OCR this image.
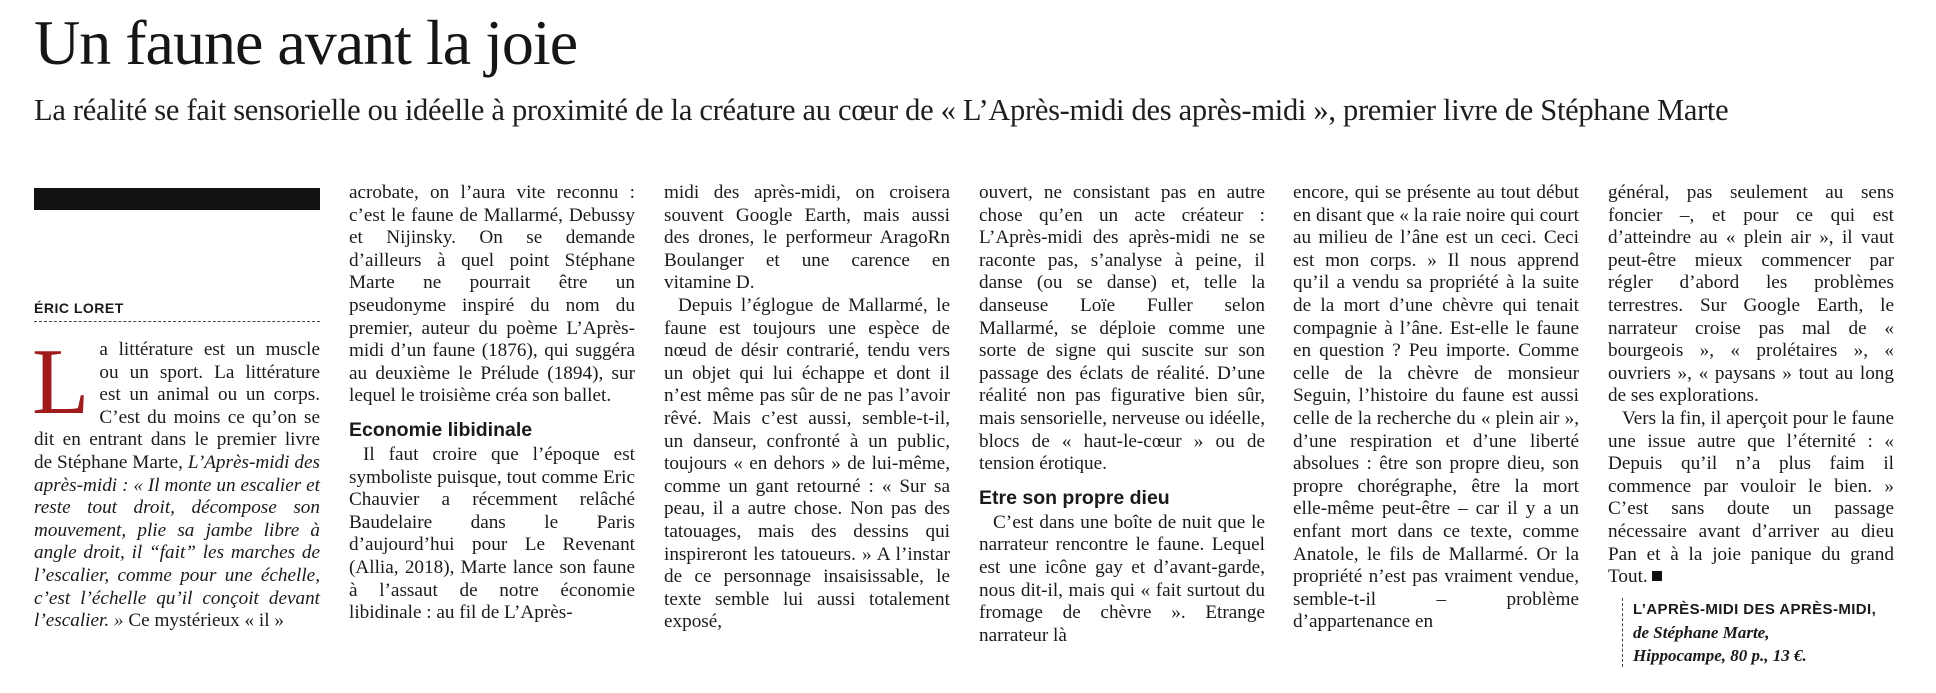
Un faune avant la joie
La réalité se fait sensorielle ou idéelle à proximité de la créature au cœur de « L’Après-midi des après-midi », premier livre de Stéphane Marte
ÉRIC LORET
L a littérature est un muscle ou un sport. La littérature est un animal ou un corps. C’est du moins ce qu’on se dit en entrant dans le premier livre de Stéphane Marte, L’Après-midi des après-midi : « Il monte un escalier et reste tout droit, décompose son mouvement, plie sa jambe libre à angle droit, il “fait” les marches de l’escalier, comme pour une échelle, c’est l’échelle qu’il conçoit devant l’escalier. » Ce mystérieux « il »

acrobate, on l’aura vite reconnu : c’est le faune de Mallarmé, Debussy et Nijinsky. On se demande d’ailleurs à quel point Stéphane Marte ne pourrait être un pseudonyme inspiré du nom du premier, auteur du poème L’Après-midi d’un faune (1876), qui suggéra au deuxième le Prélude (1894), sur lequel le troisième créa son ballet.

Economie libidinale

Il faut croire que l’époque est symboliste puisque, tout comme Eric Chauvier a récemment relâché Baudelaire dans le Paris d’aujourd’hui pour Le Revenant (Allia, 2018), Marte lance son faune à l’assaut de notre économie libidinale : au fil de L’Après-

midi des après-midi, on croisera souvent Google Earth, mais aussi des drones, le performeur AragoRn Boulanger et une carence en vitamine D.

Depuis l’églogue de Mallarmé, le faune est toujours une espèce de nœud de désir contrarié, tendu vers un objet qui lui échappe et dont il n’est même pas sûr de ne pas l’avoir rêvé. Mais c’est aussi, semble-t-il, un danseur, confronté à un public, toujours « en dehors » de lui-même, comme un gant retourné : « Sur sa peau, il a autre chose. Non pas des tatouages, mais des dessins qui inspireront les tatoueurs. » A l’instar de ce personnage insaisissable, le texte semble lui aussi totalement exposé,

ouvert, ne consistant pas en autre chose qu’en un acte créateur : L’Après-midi des après-midi ne se raconte pas, s’analyse à peine, il danse (ou se danse) et, telle la danseuse Loïe Fuller selon Mallarmé, se déploie comme une sorte de signe qui suscite sur son passage des éclats de réalité. D’une réalité non pas figurative bien sûr, mais sensorielle, nerveuse ou idéelle, blocs de « haut-le-cœur » ou de tension érotique.

Etre son propre dieu

C’est dans une boîte de nuit que le narrateur rencontre le faune. Lequel est une icône gay et d’avant-garde, nous dit-il, mais qui « fait surtout du fromage de chèvre ». Etrange narrateur là

encore, qui se présente au tout début en disant que « la raie noire qui court au milieu de l’âne est un ceci. Ceci est mon corps. » Il nous apprend qu’il a vendu sa propriété à la suite de la mort d’une chèvre qui tenait compagnie à l’âne. Est-elle le faune en question ? Peu importe. Comme celle de la chèvre de monsieur Seguin, l’histoire du faune est aussi celle de la recherche du « plein air », d’une respiration et d’une liberté absolues : être son propre dieu, son propre chorégraphe, être la mort elle-même peut-être – car il y a un enfant mort dans ce texte, comme Anatole, le fils de Mallarmé. Or la propriété n’est pas vraiment vendue, semble-t-il – problème d’appartenance en

général, pas seulement au sens foncier –, et pour ce qui est d’atteindre au « plein air », il vaut peut-être mieux commencer par régler d’abord les problèmes terrestres. Sur Google Earth, le narrateur croise pas mal de « bourgeois », « prolétaires », « ouvriers », « paysans » tout au long de ses explorations.

Vers la fin, il aperçoit pour le faune une issue autre que l’éternité : « Depuis qu’il n’a plus faim il commence par vouloir le bien. » C’est sans doute un passage nécessaire avant d’arriver au dieu Pan et à la joie panique du grand Tout.

L’APRÈS-MIDI DES APRÈS-MIDI,
de Stéphane Marte,
Hippocampe, 80 p., 13 €.
